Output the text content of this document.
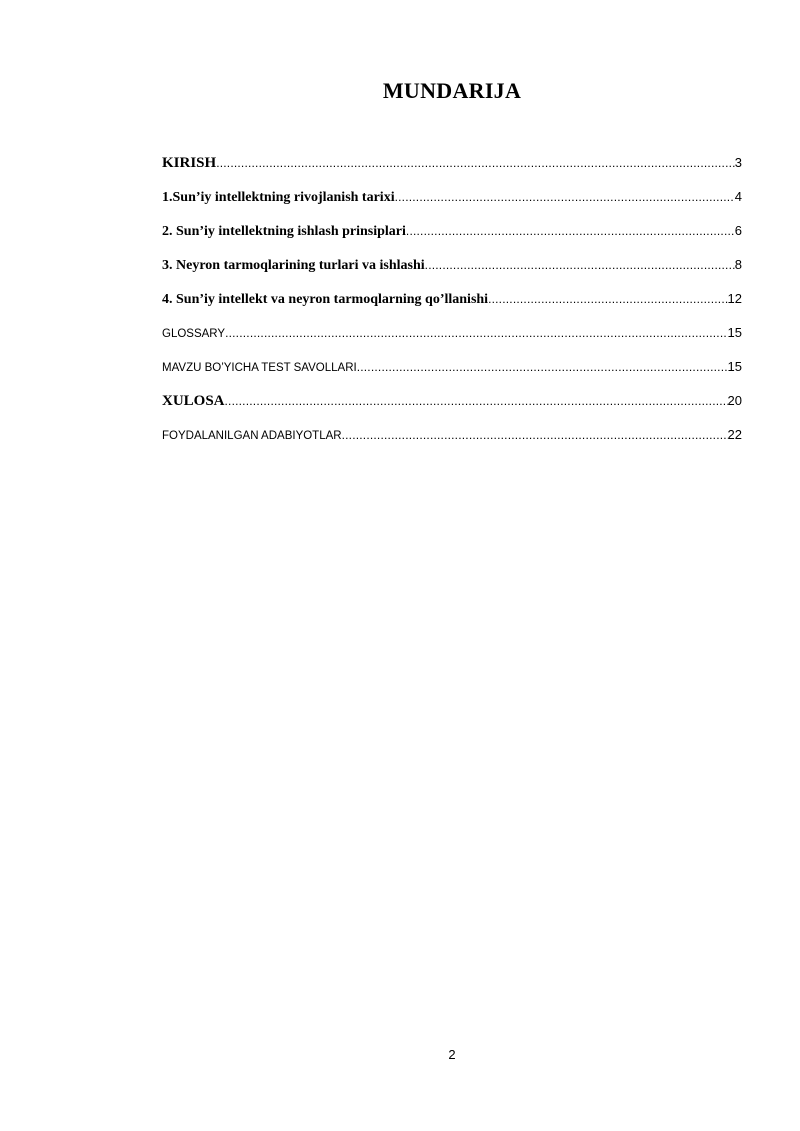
MUNDARIJA
KIRISH .....	3
1.Sun’iy intellektning rivojlanish tarixi .....	4
2. Sun’iy intellektning ishlash prinsiplari .....	6
3. Neyron tarmoqlarining turlari va ishlashi .....	8
4. Sun’iy intellekt va neyron tarmoqlarning qo’llanishi .....	12
GLOSSARY .....	15
MAVZU BO’YICHA TEST SAVOLLARI .....	15
XULOSA .....	20
FOYDALANILGAN ADABIYOTLAR .....	22
2
